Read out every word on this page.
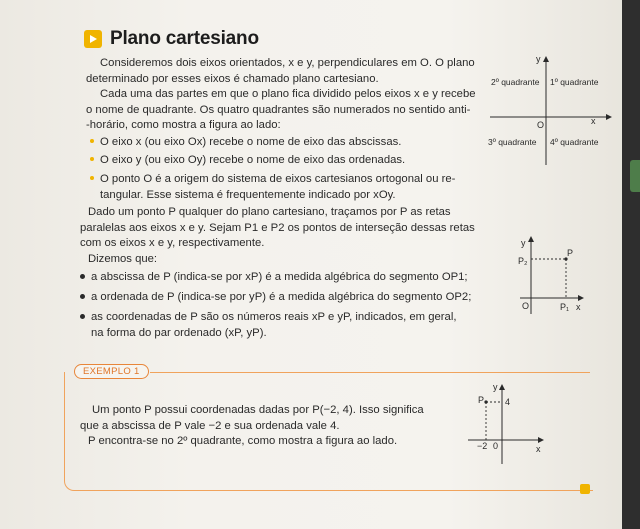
Plano cartesiano
Consideremos dois eixos orientados, x e y, perpendiculares em O. O plano
determinado por esses eixos é chamado plano cartesiano.
Cada uma das partes em que o plano fica dividido pelos eixos x e y recebe
o nome de quadrante. Os quatro quadrantes são numerados no sentido anti-
-horário, como mostra a figura ao lado:
O eixo x (ou eixo Ox) recebe o nome de eixo das abscissas.
O eixo y (ou eixo Oy) recebe o nome de eixo das ordenadas.
O ponto O é a origem do sistema de eixos cartesianos ortogonal ou re-
tangular. Esse sistema é frequentemente indicado por xOy.
Dado um ponto P qualquer do plano cartesiano, traçamos por P as retas
paralelas aos eixos x e y. Sejam P1 e P2 os pontos de interseção dessas retas
com os eixos x e y, respectivamente.
Dizemos que:
a abscissa de P (indica-se por xP) é a medida algébrica do segmento OP1;
a ordenada de P (indica-se por yP) é a medida algébrica do segmento OP2;
as coordenadas de P são os números reais xP e yP, indicados, em geral,
na forma do par ordenado (xP, yP).
y
x
O
1º quadrante
2º quadrante
3º quadrante 4º quadrante
y
x
O
P
P₁
P₂
EXEMPLO 1
Um ponto P possui coordenadas dadas por P(−2, 4). Isso significa
que a abscissa de P vale −2 e sua ordenada vale 4.
P encontra-se no 2º quadrante, como mostra a figura ao lado.
y
x
0
P 4
−2
